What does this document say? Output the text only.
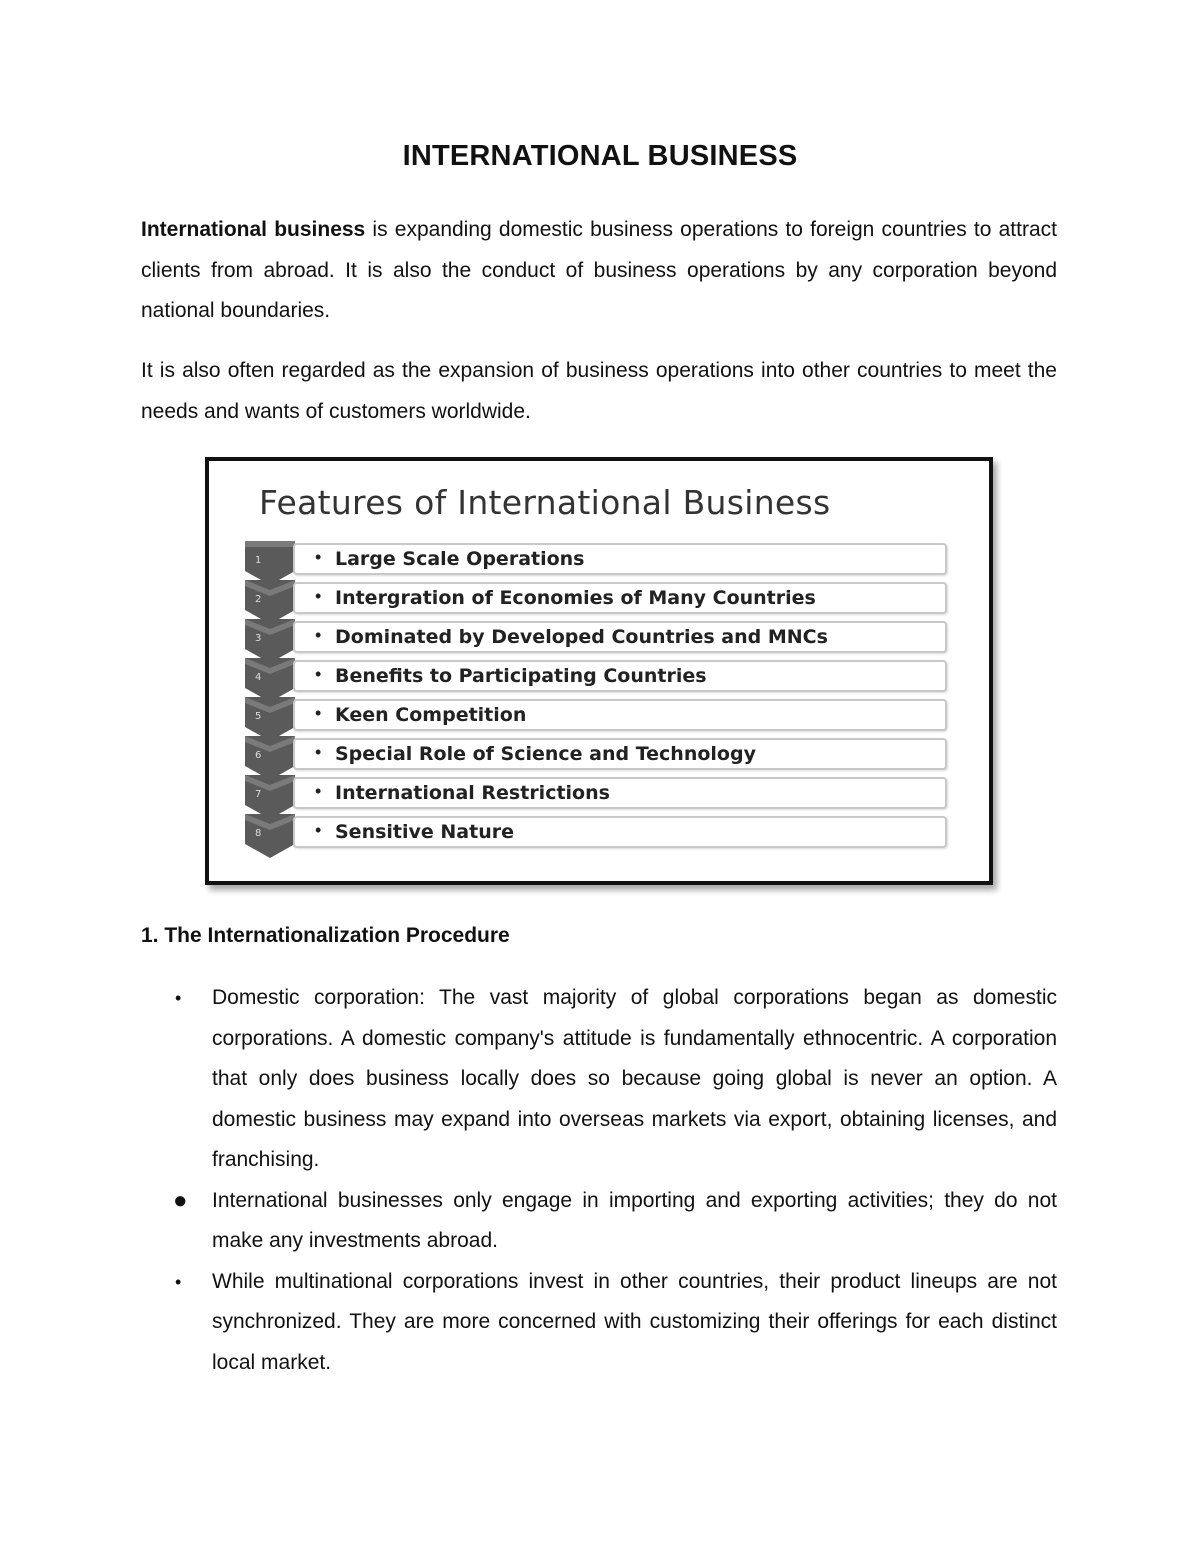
INTERNATIONAL BUSINESS

International business is expanding domestic business operations to foreign countries to attract clients from abroad. It is also the conduct of business operations by any corporation beyond national boundaries.

It is also often regarded as the expansion of business operations into other countries to meet the needs and wants of customers worldwide.

Features of International Business
1	• Large Scale Operations
2	• Intergration of Economies of Many Countries
3	• Dominated by Developed Countries and MNCs
4	• Benefits to Participating Countries
5	• Keen Competition
6	• Special Role of Science and Technology
7	• International Restrictions
8	• Sensitive Nature
1. The Internationalization Procedure
• Domestic corporation: The vast majority of global corporations began as domestic corporations. A domestic company's attitude is fundamentally ethnocentric. A corporation that only does business locally does so because going global is never an option. A domestic business may expand into overseas markets via export, obtaining licenses, and franchising.
● International businesses only engage in importing and exporting activities; they do not make any investments abroad.
• While multinational corporations invest in other countries, their product lineups are not synchronized. They are more concerned with customizing their offerings for each distinct local market.
